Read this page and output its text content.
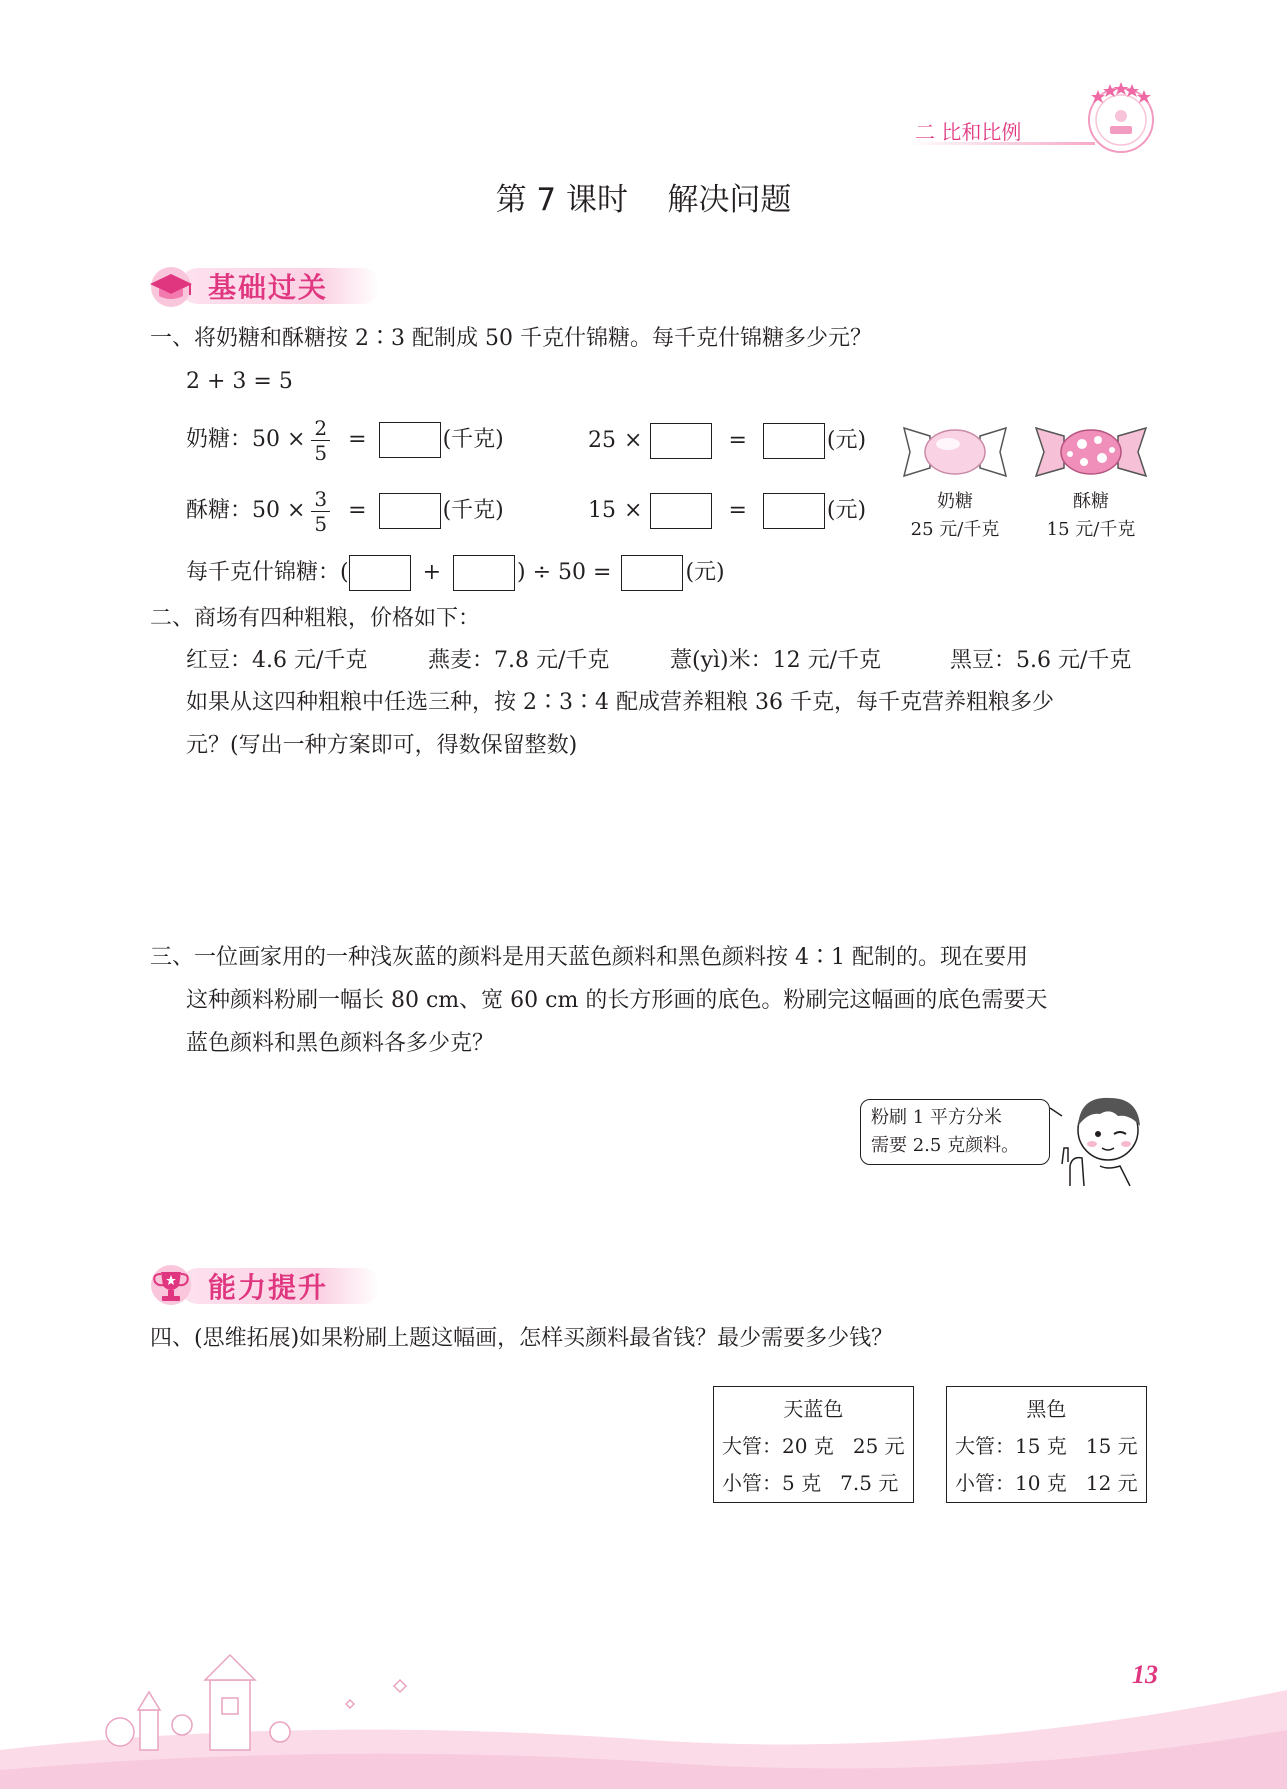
二 比和比例
第 7 课时    解决问题
基础过关
一、将奶糖和酥糖按 2∶3 配制成 50 千克什锦糖。每千克什锦糖多少元？
2 + 3 = 5
奶糖：$50 \times \frac{2}{5}$ =	(千克)	25 ×	=	(元)
酥糖：$50 \times \frac{3}{5}$ =	(千克)	15 ×	=	(元)
每千克什锦糖：(	+	) ÷ 50 =	(元)
奶糖
25 元/千克
酥糖
15 元/千克
二、商场有四种粗粮，价格如下：
红豆：4.6 元/千克	燕麦：7.8 元/千克	薏(yì)米：12 元/千克	黑豆：5.6 元/千克
如果从这四种粗粮中任选三种，按 2∶3∶4 配成营养粗粮 36 千克，每千克营养粗粮多少
元？(写出一种方案即可，得数保留整数)
三、一位画家用的一种浅灰蓝的颜料是用天蓝色颜料和黑色颜料按 4∶1 配制的。现在要用
这种颜料粉刷一幅长 80 cm、宽 60 cm 的长方形画的底色。粉刷完这幅画的底色需要天
蓝色颜料和黑色颜料各多少克？
粉刷 1 平方分米
需要 2.5 克颜料。
能力提升
四、(思维拓展)如果粉刷上题这幅画，怎样买颜料最省钱？最少需要多少钱？
天蓝色
大管：20 克   25 元
小管：5 克   7.5 元
黑色
大管：15 克   15 元
小管：10 克   12 元
13
